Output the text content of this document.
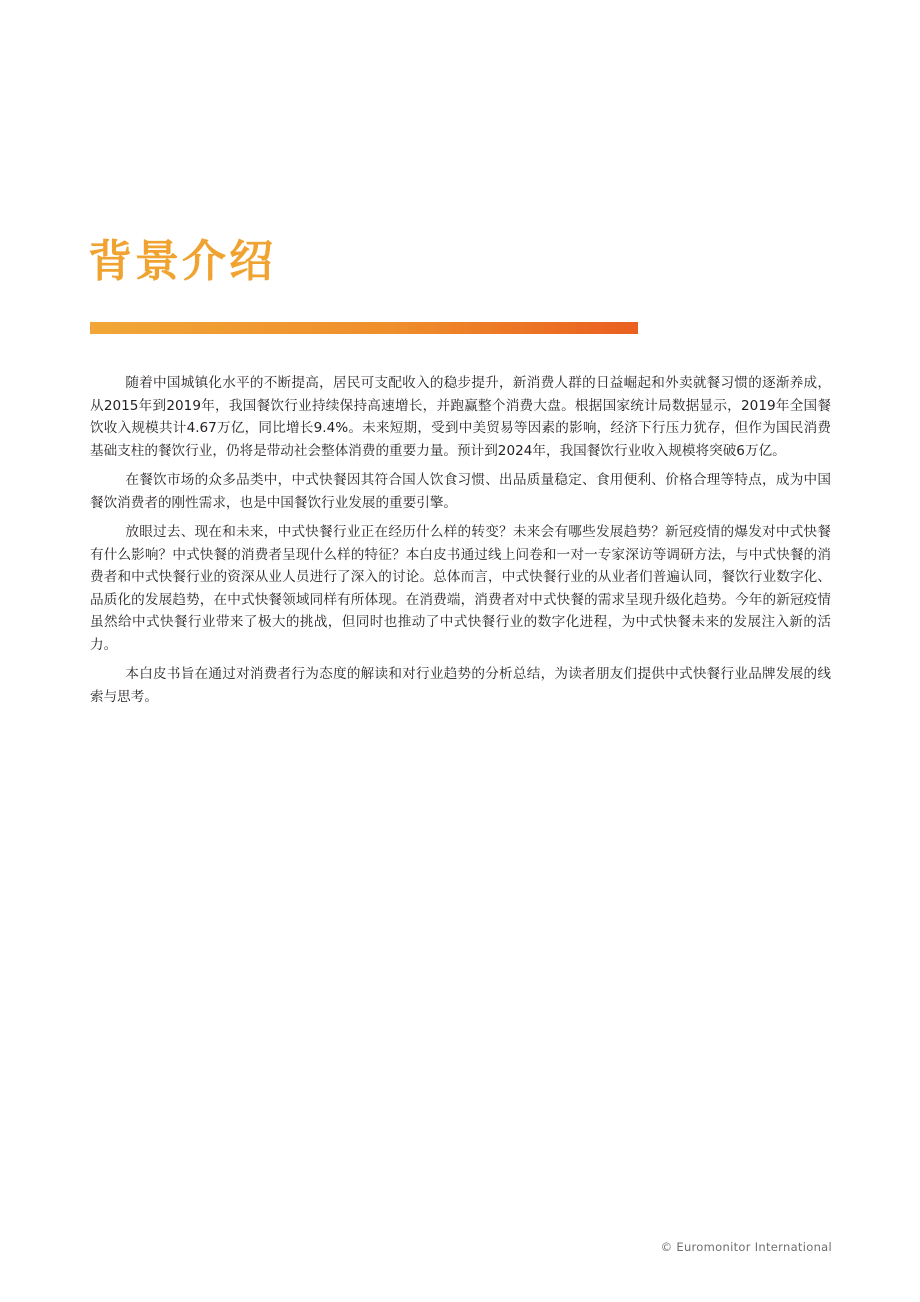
背景介绍

随着中国城镇化水平的不断提高，居民可支配收入的稳步提升，新消费人群的日益崛起和外卖就餐习惯的逐渐养成，从2015年到2019年，我国餐饮行业持续保持高速增长，并跑赢整个消费大盘。根据国家统计局数据显示，2019年全国餐饮收入规模共计4.67万亿，同比增长9.4%。未来短期，受到中美贸易等因素的影响，经济下行压力犹存，但作为国民消费基础支柱的餐饮行业，仍将是带动社会整体消费的重要力量。预计到2024年，我国餐饮行业收入规模将突破6万亿。

在餐饮市场的众多品类中，中式快餐因其符合国人饮食习惯、出品质量稳定、食用便利、价格合理等特点，成为中国餐饮消费者的刚性需求，也是中国餐饮行业发展的重要引擎。

放眼过去、现在和未来，中式快餐行业正在经历什么样的转变？未来会有哪些发展趋势？新冠疫情的爆发对中式快餐有什么影响？中式快餐的消费者呈现什么样的特征？本白皮书通过线上问卷和一对一专家深访等调研方法，与中式快餐的消费者和中式快餐行业的资深从业人员进行了深入的讨论。总体而言，中式快餐行业的从业者们普遍认同，餐饮行业数字化、品质化的发展趋势，在中式快餐领域同样有所体现。在消费端，消费者对中式快餐的需求呈现升级化趋势。今年的新冠疫情虽然给中式快餐行业带来了极大的挑战，但同时也推动了中式快餐行业的数字化进程，为中式快餐未来的发展注入新的活力。

本白皮书旨在通过对消费者行为态度的解读和对行业趋势的分析总结，为读者朋友们提供中式快餐行业品牌发展的线索与思考。

© Euromonitor International
